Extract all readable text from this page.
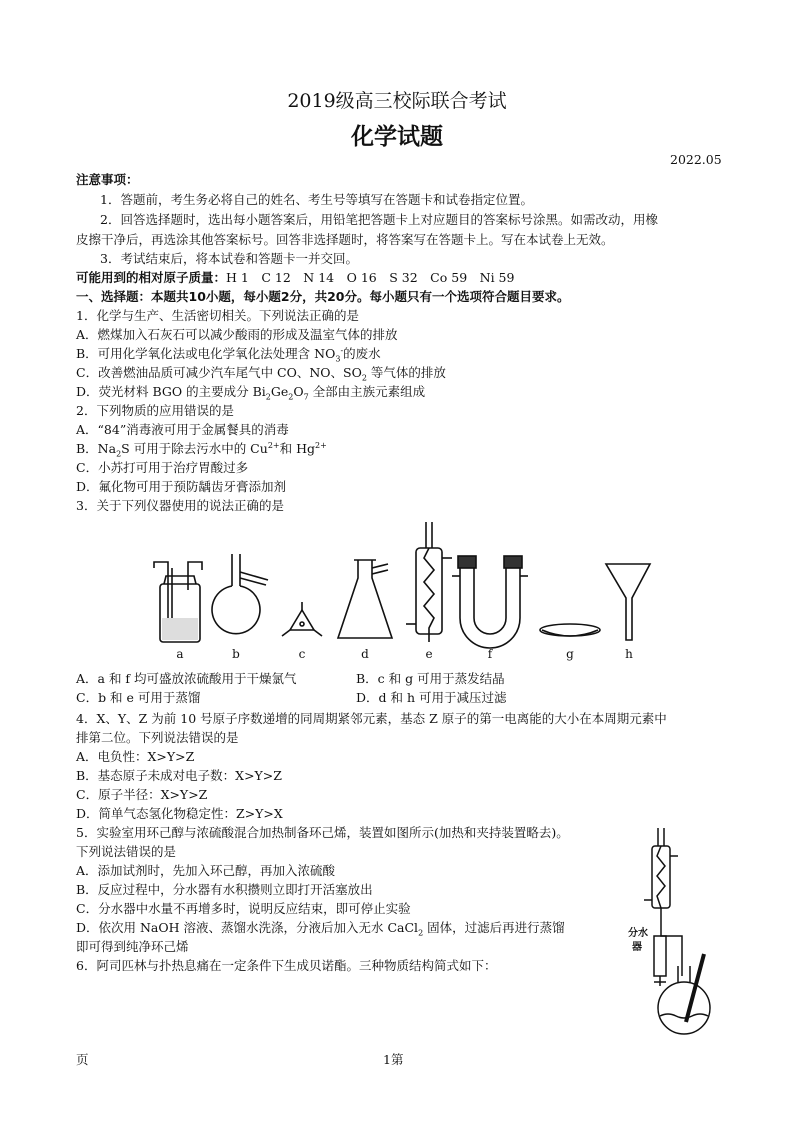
2019级高三校际联合考试
化学试题
2022.05
注意事项：
1．答题前，考生务必将自己的姓名、考生号等填写在答题卡和试卷指定位置。
2．回答选择题时，选出每小题答案后，用铅笔把答题卡上对应题目的答案标号涂黑。如需改动，用橡
皮擦干净后，再选涂其他答案标号。回答非选择题时，将答案写在答题卡上。写在本试卷上无效。
3．考试结束后，将本试卷和答题卡一并交回。
可能用到的相对原子质量：H 1　C 12　N 14　O 16　S 32　Co 59　Ni 59
一、选择题：本题共10小题，每小题2分，共20分。每小题只有一个选项符合题目要求。
1．化学与生产、生活密切相关。下列说法正确的是
A．燃煤加入石灰石可以减少酸雨的形成及温室气体的排放
B．可用化学氧化法或电化学氧化法处理含 $NO_3^-$的废水
C．改善燃油品质可减少汽车尾气中 CO、NO、$SO_2$ 等气体的排放
D．荧光材料 BGO 的主要成分 $Bi_2Ge_2O_7$ 全部由主族元素组成
2．下列物质的应用错误的是
A．“84”消毒液可用于金属餐具的消毒
B．$Na_2S$ 可用于除去污水中的 $Cu^{2+}$和 $Hg^{2+}$
C．小苏打可用于治疗胃酸过多
D．氟化物可用于预防龋齿牙膏添加剂
3．关于下列仪器使用的说法正确的是
a	b	c	d	e	f	g	h
A．a 和 f 均可盛放浓硫酸用于干燥氯气	B．c 和 g 可用于蒸发结晶
C．b 和 e 可用于蒸馏	D．d 和 h 可用于减压过滤
4．X、Y、Z 为前 10 号原子序数递增的同周期紧邻元素，基态 Z 原子的第一电离能的大小在本周期元素中
排第二位。下列说法错误的是
A．电负性：X>Y>Z
B．基态原子未成对电子数：X>Y>Z
C．原子半径：X>Y>Z
D．简单气态氢化物稳定性：Z>Y>X
5．实验室用环己醇与浓硫酸混合加热制备环己烯，装置如图所示(加热和夹持装置略去)。
下列说法错误的是
A．添加试剂时，先加入环己醇，再加入浓硫酸
B．反应过程中，分水器有水积攒则立即打开活塞放出
C．分水器中水量不再增多时，说明反应结束，即可停止实验
D．依次用 NaOH 溶液、蒸馏水洗涤，分液后加入无水 CaCl$_2$ 固体，过滤后再进行蒸馏
即可得到纯净环己烯
分水
器
6．阿司匹林与扑热息痛在一定条件下生成贝诺酯。三种物质结构简式如下：
页	1第
